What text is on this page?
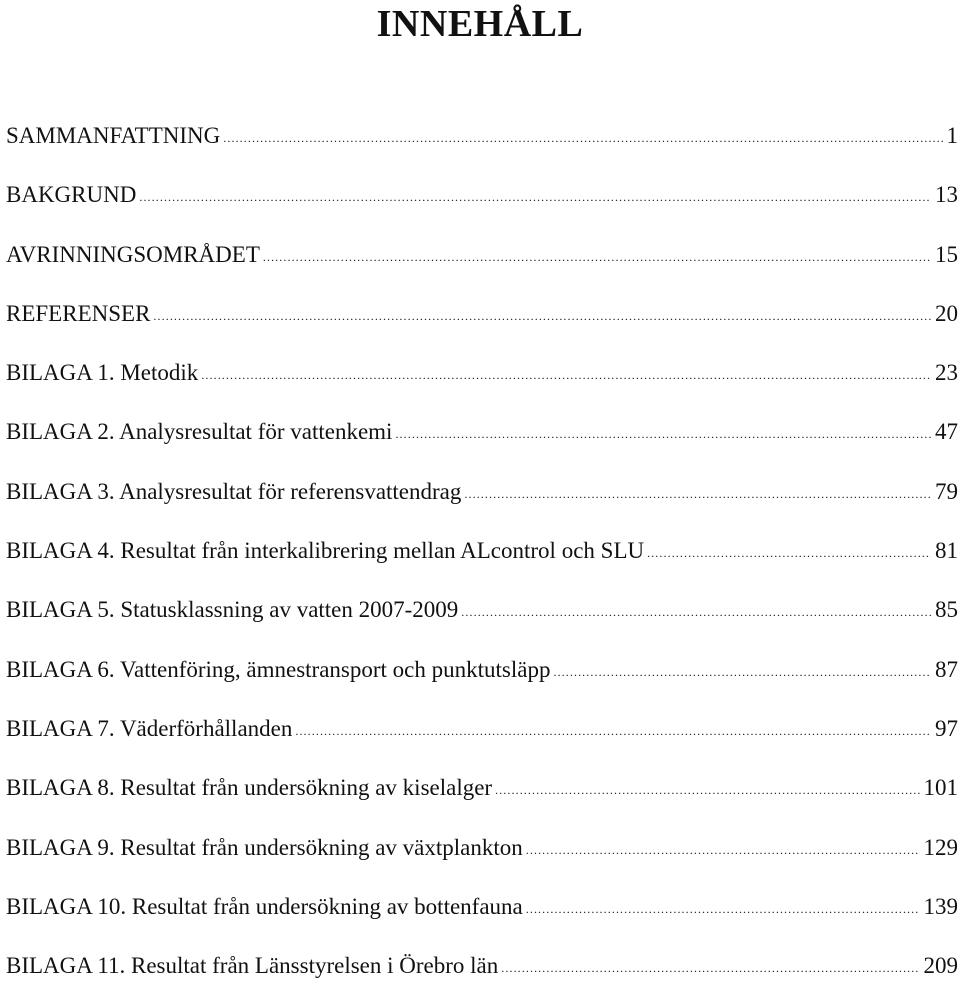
INNEHÅLL
SAMMANFATTNING .....	1
BAKGRUND .....	13
AVRINNINGSOMRÅDET .....	15
REFERENSER .....	20
BILAGA 1. Metodik .....	23
BILAGA 2. Analysresultat för vattenkemi .....	47
BILAGA 3. Analysresultat för referensvattendrag .....	79
BILAGA 4. Resultat från interkalibrering mellan ALcontrol och SLU .....	81
BILAGA 5. Statusklassning av vatten 2007-2009 .....	85
BILAGA 6. Vattenföring, ämnestransport och punktutsläpp .....	87
BILAGA 7. Väderförhållanden .....	97
BILAGA 8. Resultat från undersökning av kiselalger .....	101
BILAGA 9. Resultat från undersökning av växtplankton .....	129
BILAGA 10. Resultat från undersökning av bottenfauna .....	139
BILAGA 11. Resultat från Länsstyrelsen i Örebro län .....	209
